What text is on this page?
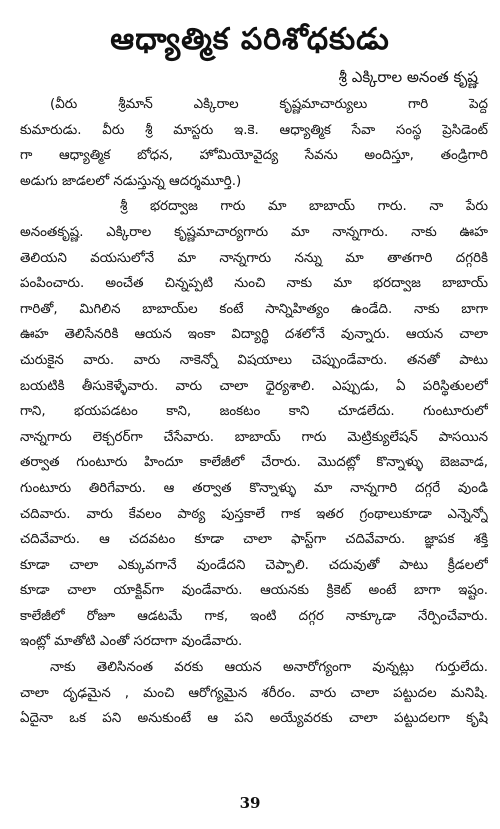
ఆధ్యాత్మిక పరిశోధకుడు
శ్రీ ఎక్కిరాల అనంత కృష్ణ
(వీరు శ్రీమాన్ ఎక్కిరాల కృష్ణమాచార్యులు గారి పెద్ద
కుమారుడు. వీరు శ్రీ మాస్టరు ఇ.కె. ఆధ్యాత్మిక సేవా సంస్థ ప్రెసిడెంట్
గా ఆధ్యాత్మిక బోధన, హోమియోవైద్య సేవను అందిస్తూ, తండ్రిగారి
అడుగు జాడలలో నడుస్తున్న ఆదర్శమూర్తి.)
శ్రీ భరద్వాజ గారు మా బాబాయ్ గారు. నా పేరు
అనంతకృష్ణ. ఎక్కిరాల కృష్ణమాచార్యగారు మా నాన్నగారు. నాకు ఊహ
తెలియని వయసులోనే మా నాన్నగారు నన్ను మా తాతగారి దగ్గరికి
పంపించారు. అంచేత చిన్నప్పటి నుంచి నాకు మా భరద్వాజ బాబాయ్
గారితో, మిగిలిన బాబాయ్‌ల కంటే సాన్నిహిత్యం ఉండేది. నాకు బాగా
ఊహ తెలిసేనరికి ఆయన ఇంకా విద్యార్థి దశలోనే వున్నారు. ఆయన చాలా
చురుకైన వారు. వారు నాకెన్నో విషయాలు చెప్పుండేవారు. తనతో పాటు
బయటికి తీసుకెళ్ళేవారు. వారు చాలా ధైర్యశాలి. ఎప్పుడు, ఏ పరిస్థితులలో
గాని, భయపడటం కాని, జంకటం కాని చూడలేదు. గుంటూరులో
నాన్నగారు లెక్చరర్‌గా చేసేవారు. బాబాయ్ గారు మెట్రిక్యులేషన్ పాసయిన
తర్వాత గుంటూరు హిందూ కాలేజీలో చేరారు. మొదట్లో కొన్నాళ్ళు బెజవాడ,
గుంటూరు తిరిగేవారు. ఆ తర్వాత కొన్నాళ్ళు మా నాన్నగారి దగ్గరే వుండి
చదివారు. వారు కేవలం పాఠ్య పుస్తకాలే గాక ఇతర గ్రంథాలుకూడా ఎన్నెన్నో
చదివేవారు. ఆ చదవటం కూడా చాలా ఫాస్ట్‌గా చదివేవారు. జ్ఞాపక శక్తి
కూడా చాలా ఎక్కువగానే వుండేదని చెప్పాలి. చదువుతో పాటు క్రీడలలో
కూడా చాలా యాక్టివ్‌గా వుండేవారు. ఆయనకు క్రికెట్ అంటే బాగా ఇష్టం.
కాలేజీలో రోజూ ఆడటమే గాక, ఇంటి దగ్గర నాక్కూడా నేర్పించేవారు.
ఇంట్లో మాతోటి ఎంతో సరదాగా వుండేవారు.
నాకు తెలిసినంత వరకు ఆయన అనారోగ్యంగా వున్నట్లు గుర్తులేదు.
చాలా దృఢమైన , మంచి ఆరోగ్యమైన శరీరం. వారు చాలా పట్టుదల మనిషి.
ఏదైనా ఒక పని అనుకుంటే ఆ పని అయ్యేవరకు చాలా పట్టుదలగా కృషి
39
